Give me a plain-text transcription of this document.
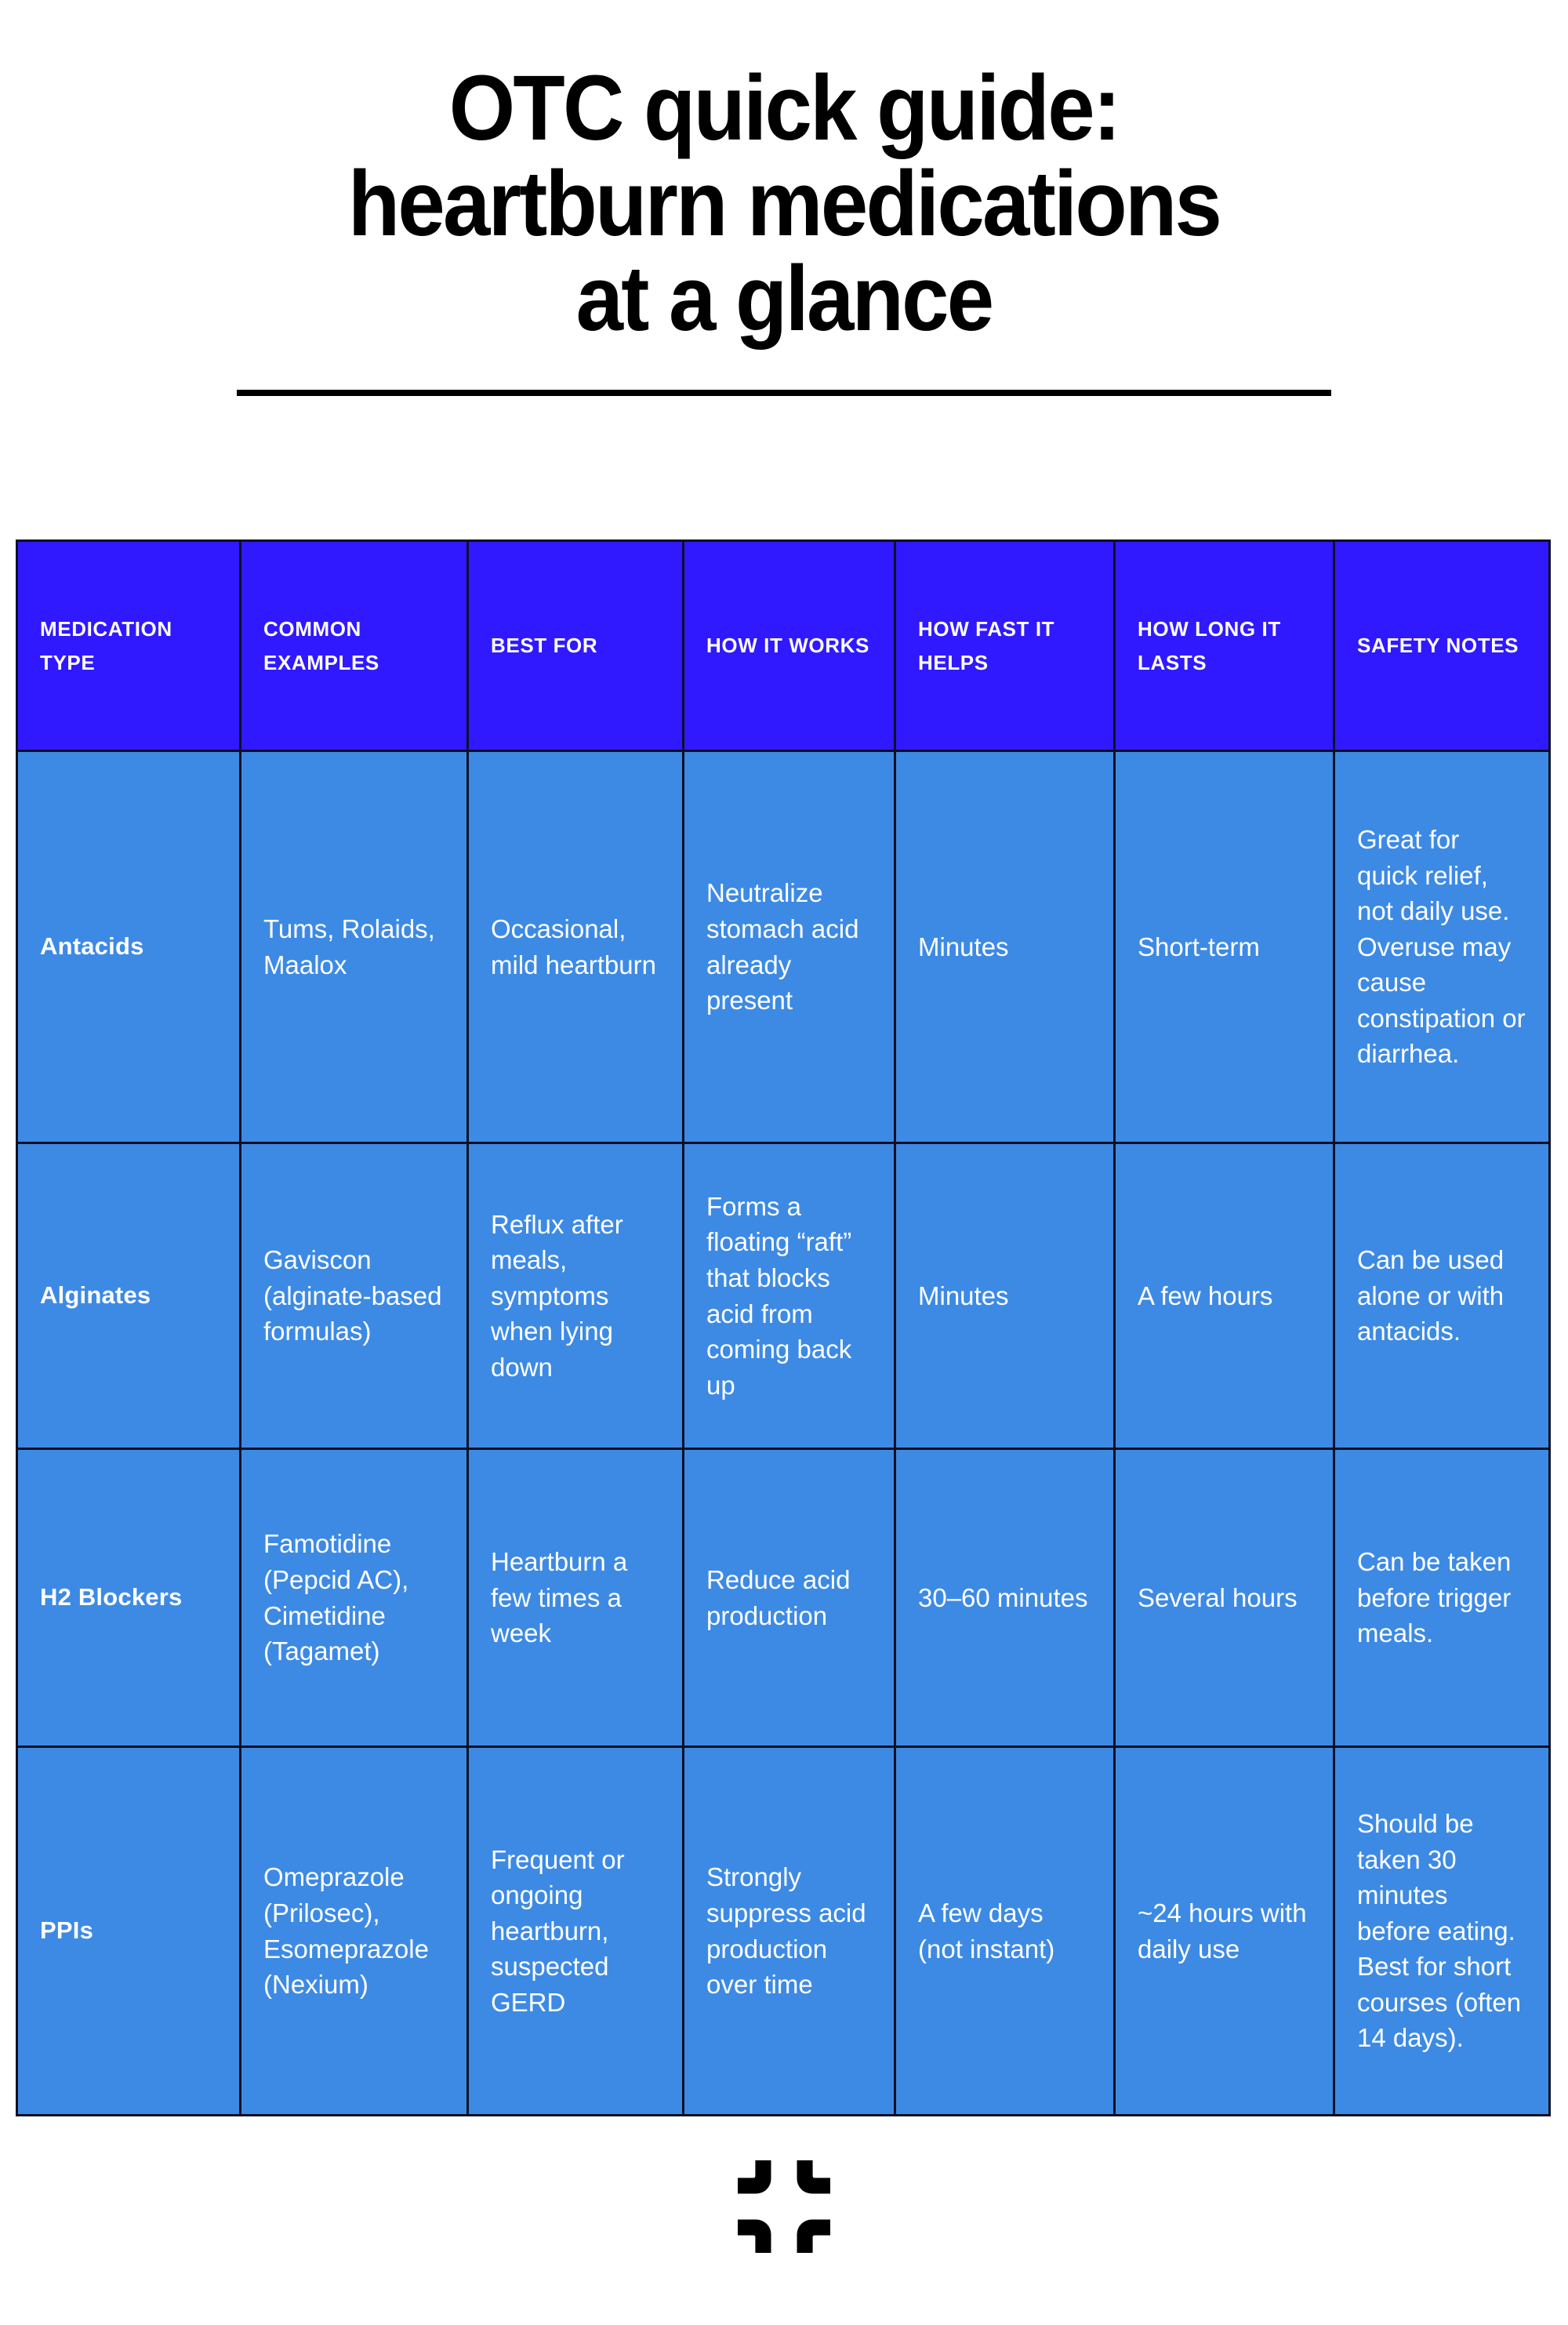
OTC quick guide:
heartburn medications
at a glance
MEDICATION TYPE	COMMON EXAMPLES	BEST FOR	HOW IT WORKS	HOW FAST IT HELPS	HOW LONG IT LASTS	SAFETY NOTES
Antacids	Tums, Rolaids, Maalox	Occasional, mild heartburn	Neutralize stomach acid already present	Minutes	Short-term	Great for quick relief, not daily use. Overuse may cause constipation or diarrhea.
Alginates	Gaviscon (alginate-based formulas)	Reflux after meals, symptoms when lying down	Forms a floating “raft” that blocks acid from coming back up	Minutes	A few hours	Can be used alone or with antacids.
H2 Blockers	Famotidine (Pepcid AC), Cimetidine (Tagamet)	Heartburn a few times a week	Reduce acid production	30–60 minutes	Several hours	Can be taken before trigger meals.
PPIs	Omeprazole (Prilosec), Esomeprazole (Nexium)	Frequent or ongoing heartburn, suspected GERD	Strongly suppress acid production over time	A few days (not instant)	~24 hours with daily use	Should be taken 30 minutes before eating. Best for short courses (often 14 days).
